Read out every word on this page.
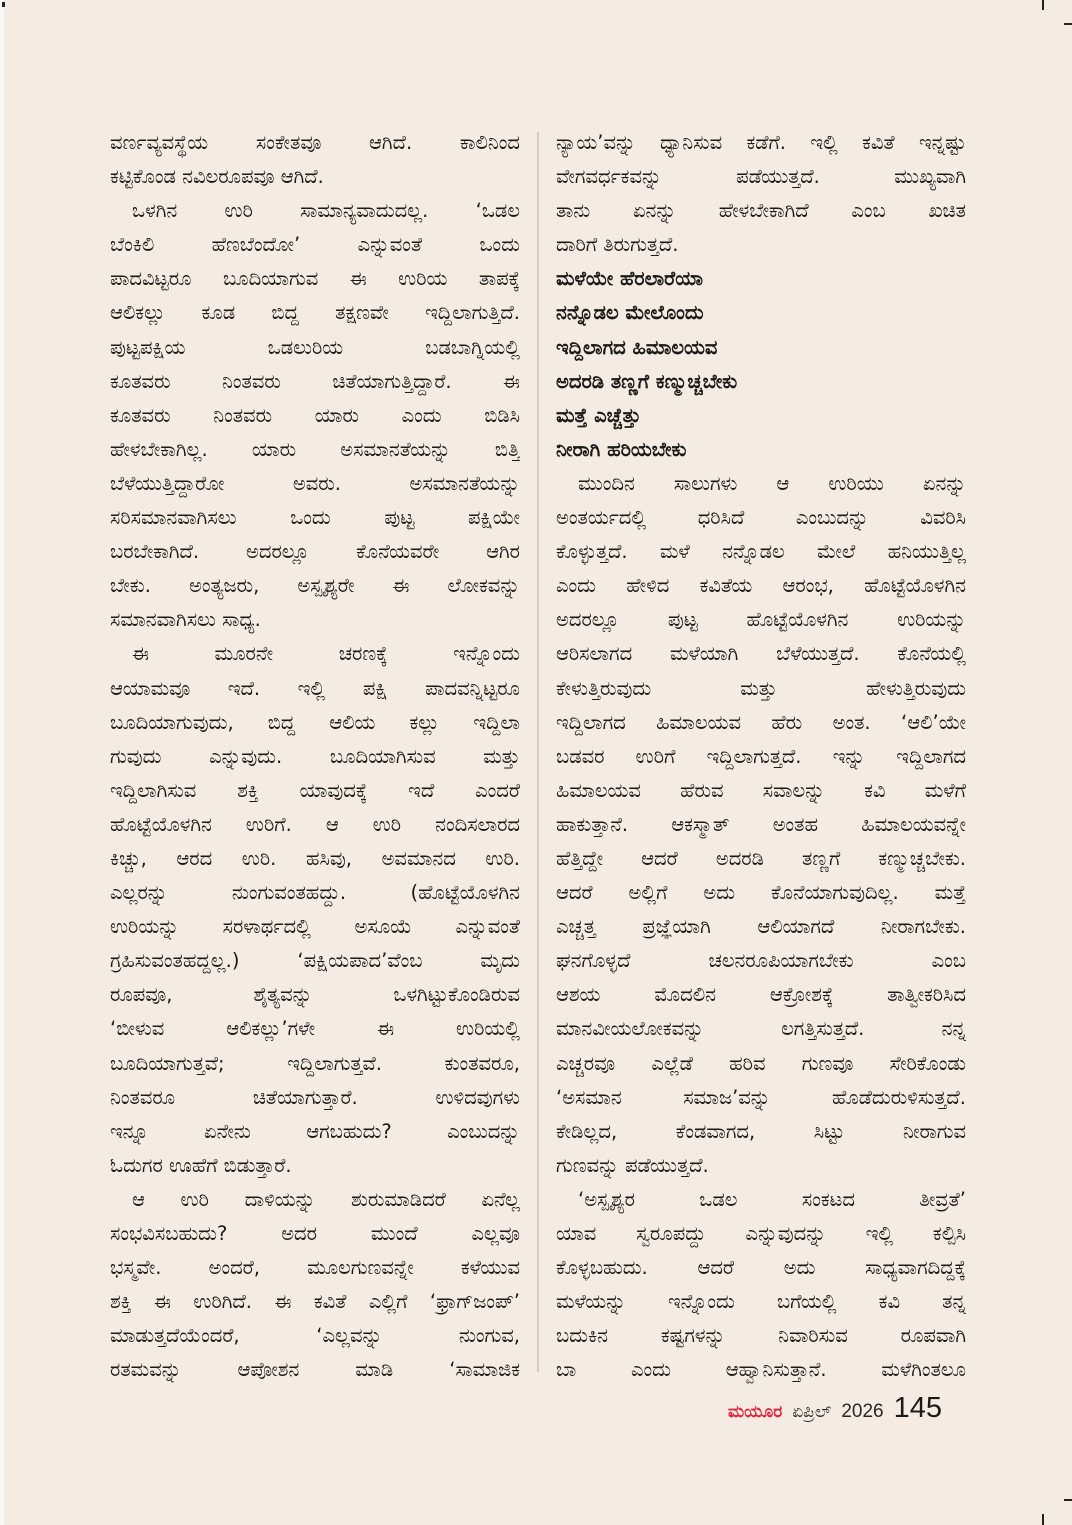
ವರ್ಣವ್ಯವಸ್ಥೆಯ ಸಂಕೇತವೂ ಆಗಿದೆ. ಕಾಲಿನಿಂದ
ಕಟ್ಟಿಕೊಂಡ ನವಿಲರೂಪವೂ ಆಗಿದೆ.
ಒಳಗಿನ ಉರಿ ಸಾಮಾನ್ಯವಾದುದಲ್ಲ. ‘ಒಡಲ
ಬೆಂಕಿಲಿ ಹೆಣಬೆಂದೋ’ ಎನ್ನುವಂತೆ ಒಂದು
ಪಾದವಿಟ್ಟರೂ ಬೂದಿಯಾಗುವ ಈ ಉರಿಯ ತಾಪಕ್ಕೆ
ಆಲಿಕಲ್ಲು ಕೂಡ ಬಿದ್ದ ತಕ್ಷಣವೇ ಇದ್ದಿಲಾಗುತ್ತಿದೆ.
ಪುಟ್ಟಪಕ್ಷಿಯ ಒಡಲುರಿಯ ಬಡಬಾಗ್ನಿಯಲ್ಲಿ
ಕೂತವರು ನಿಂತವರು ಚಿತೆಯಾಗುತ್ತಿದ್ದಾರೆ. ಈ
ಕೂತವರು ನಿಂತವರು ಯಾರು ಎಂದು ಬಿಡಿಸಿ
ಹೇಳಬೇಕಾಗಿಲ್ಲ. ಯಾರು ಅಸಮಾನತೆಯನ್ನು ಬಿತ್ತಿ
ಬೆಳೆಯುತ್ತಿದ್ದಾರೋ ಅವರು. ಅಸಮಾನತೆಯನ್ನು
ಸರಿಸಮಾನವಾಗಿಸಲು ಒಂದು ಪುಟ್ಟ ಪಕ್ಷಿಯೇ
ಬರಬೇಕಾಗಿದೆ. ಅದರಲ್ಲೂ ಕೊನೆಯವರೇ ಆಗಿರ
ಬೇಕು. ಅಂತ್ಯಜರು, ಅಸ್ಪೃಶ್ಯರೇ ಈ ಲೋಕವನ್ನು
ಸಮಾನವಾಗಿಸಲು ಸಾಧ್ಯ.
ಈ ಮೂರನೇ ಚರಣಕ್ಕೆ ಇನ್ನೊಂದು
ಆಯಾಮವೂ ಇದೆ. ಇಲ್ಲಿ ಪಕ್ಷಿ ಪಾದವನ್ನಿಟ್ಟರೂ
ಬೂದಿಯಾಗುವುದು, ಬಿದ್ದ ಆಲಿಯ ಕಲ್ಲು ಇದ್ದಿಲಾ
ಗುವುದು ಎನ್ನುವುದು. ಬೂದಿಯಾಗಿಸುವ ಮತ್ತು
ಇದ್ದಿಲಾಗಿಸುವ ಶಕ್ತಿ ಯಾವುದಕ್ಕೆ ಇದೆ ಎಂದರೆ
ಹೊಟ್ಟೆಯೊಳಗಿನ ಉರಿಗೆ. ಆ ಉರಿ ನಂದಿಸಲಾರದ
ಕಿಚ್ಚು, ಆರದ ಉರಿ. ಹಸಿವು, ಅವಮಾನದ ಉರಿ.
ಎಲ್ಲರನ್ನು ನುಂಗುವಂತಹದ್ದು. (ಹೊಟ್ಟೆಯೊಳಗಿನ
ಉರಿಯನ್ನು ಸರಳಾರ್ಥದಲ್ಲಿ ಅಸೂಯೆ ಎನ್ನುವಂತೆ
ಗ್ರಹಿಸುವಂತಹದ್ದಲ್ಲ.) ‘ಪಕ್ಷಿಯಪಾದ’ವೆಂಬ ಮೃದು
ರೂಪವೂ, ಶೈತ್ಯವನ್ನು ಒಳಗಿಟ್ಟುಕೊಂಡಿರುವ
‘ಬೀಳುವ ಆಲಿಕಲ್ಲು’ಗಳೇ ಈ ಉರಿಯಲ್ಲಿ
ಬೂದಿಯಾಗುತ್ತವೆ; ಇದ್ದಿಲಾಗುತ್ತವೆ. ಕುಂತವರೂ,
ನಿಂತವರೂ ಚಿತೆಯಾಗುತ್ತಾರೆ. ಉಳಿದವುಗಳು
ಇನ್ನೂ ಏನೇನು ಆಗಬಹುದು? ಎಂಬುದನ್ನು
ಓದುಗರ ಊಹೆಗೆ ಬಿಡುತ್ತಾರೆ.
ಆ ಉರಿ ದಾಳಿಯನ್ನು ಶುರುಮಾಡಿದರೆ ಏನೆಲ್ಲ
ಸಂಭವಿಸಬಹುದು? ಅದರ ಮುಂದೆ ಎಲ್ಲವೂ
ಭಸ್ಮವೇ. ಅಂದರೆ, ಮೂಲಗುಣವನ್ನೇ ಕಳೆಯುವ
ಶಕ್ತಿ ಈ ಉರಿಗಿದೆ. ಈ ಕವಿತೆ ಎಲ್ಲಿಗೆ ‘ಫ್ರಾಗ್‌ಜಂಪ್’
ಮಾಡುತ್ತದೆಯೆಂದರೆ, ‘ಎಲ್ಲವನ್ನು ನುಂಗುವ,
ರತಮವನ್ನು ಆಪೋಶನ ಮಾಡಿ ‘ಸಾಮಾಜಿಕ
ನ್ಯಾಯ’ವನ್ನು ಧ್ಯಾನಿಸುವ ಕಡೆಗೆ. ಇಲ್ಲಿ ಕವಿತೆ ಇನ್ನಷ್ಟು
ವೇಗವರ್ಧಕವನ್ನು ಪಡೆಯುತ್ತದೆ. ಮುಖ್ಯವಾಗಿ
ತಾನು ಏನನ್ನು ಹೇಳಬೇಕಾಗಿದೆ ಎಂಬ ಖಚಿತ
ದಾರಿಗೆ ತಿರುಗುತ್ತದೆ.
ಮಳೆಯೇ ಹೆರಲಾರೆಯಾ
ನನ್ನೊಡಲ ಮೇಲೊಂದು
ಇದ್ದಿಲಾಗದ ಹಿಮಾಲಯವ
ಅದರಡಿ ತಣ್ಣಗೆ ಕಣ್ಮುಚ್ಚಬೇಕು
ಮತ್ತೆ ಎಚ್ಚೆತ್ತು
ನೀರಾಗಿ ಹರಿಯಬೇಕು
ಮುಂದಿನ ಸಾಲುಗಳು ಆ ಉರಿಯು ಏನನ್ನು
ಅಂತರ್ಯದಲ್ಲಿ ಧರಿಸಿದೆ ಎಂಬುದನ್ನು ವಿವರಿಸಿ
ಕೊಳ್ಳುತ್ತದೆ. ಮಳೆ ನನ್ನೊಡಲ ಮೇಲೆ ಹನಿಯುತ್ತಿಲ್ಲ
ಎಂದು ಹೇಳಿದ ಕವಿತೆಯ ಆರಂಭ, ಹೊಟ್ಟೆಯೊಳಗಿನ
ಅದರಲ್ಲೂ ಪುಟ್ಟ ಹೊಟ್ಟೆಯೊಳಗಿನ ಉರಿಯನ್ನು
ಆರಿಸಲಾಗದ ಮಳೆಯಾಗಿ ಬೆಳೆಯುತ್ತದೆ. ಕೊನೆಯಲ್ಲಿ
ಕೇಳುತ್ತಿರುವುದು ಮತ್ತು ಹೇಳುತ್ತಿರುವುದು
ಇದ್ದಿಲಾಗದ ಹಿಮಾಲಯವ ಹೆರು ಅಂತ. ‘ಆಲಿ’ಯೇ
ಬಡವರ ಉರಿಗೆ ಇದ್ದಿಲಾಗುತ್ತದೆ. ಇನ್ನು ಇದ್ದಿಲಾಗದ
ಹಿಮಾಲಯವ ಹೆರುವ ಸವಾಲನ್ನು ಕವಿ ಮಳೆಗೆ
ಹಾಕುತ್ತಾನೆ. ಆಕಸ್ಮಾತ್ ಅಂತಹ ಹಿಮಾಲಯವನ್ನೇ
ಹೆತ್ತಿದ್ದೇ ಆದರೆ ಅದರಡಿ ತಣ್ಣಗೆ ಕಣ್ಮುಚ್ಚಬೇಕು.
ಆದರೆ ಅಲ್ಲಿಗೆ ಅದು ಕೊನೆಯಾಗುವುದಿಲ್ಲ. ಮತ್ತೆ
ಎಚ್ಚತ್ತ ಪ್ರಜ್ಞೆಯಾಗಿ ಆಲಿಯಾಗದೆ ನೀರಾಗಬೇಕು.
ಘನಗೊಳ್ಳದೆ ಚಲನರೂಪಿಯಾಗಬೇಕು ಎಂಬ
ಆಶಯ ಮೊದಲಿನ ಆಕ್ರೋಶಕ್ಕೆ ತಾತ್ವೀಕರಿಸಿದ
ಮಾನವೀಯಲೋಕವನ್ನು ಲಗತ್ತಿಸುತ್ತದೆ. ನನ್ನ
ಎಚ್ಚರವೂ ಎಲ್ಲೆಡೆ ಹರಿವ ಗುಣವೂ ಸೇರಿಕೊಂಡು
‘ಅಸಮಾನ ಸಮಾಜ’ವನ್ನು ಹೊಡೆದುರುಳಿಸುತ್ತದೆ.
ಕೇಡಿಲ್ಲದ, ಕೆಂಡವಾಗದ, ಸಿಟ್ಟು ನೀರಾಗುವ
ಗುಣವನ್ನು ಪಡೆಯುತ್ತದೆ.
‘ಅಸ್ಪೃಶ್ಯರ ಒಡಲ ಸಂಕಟದ ತೀವ್ರತೆ’
ಯಾವ ಸ್ವರೂಪದ್ದು ಎನ್ನುವುದನ್ನು ಇಲ್ಲಿ ಕಲ್ಪಿಸಿ
ಕೊಳ್ಳಬಹುದು. ಆದರೆ ಅದು ಸಾಧ್ಯವಾಗದಿದ್ದಕ್ಕೆ
ಮಳೆಯನ್ನು ಇನ್ನೊಂದು ಬಗೆಯಲ್ಲಿ ಕವಿ ತನ್ನ
ಬದುಕಿನ ಕಷ್ಟಗಳನ್ನು ನಿವಾರಿಸುವ ರೂಪವಾಗಿ
ಬಾ ಎಂದು ಆಹ್ವಾನಿಸುತ್ತಾನೆ. ಮಳೆಗಿಂತಲೂ
ಮಯೂರ ಏಪ್ರಿಲ್ 2026 145
